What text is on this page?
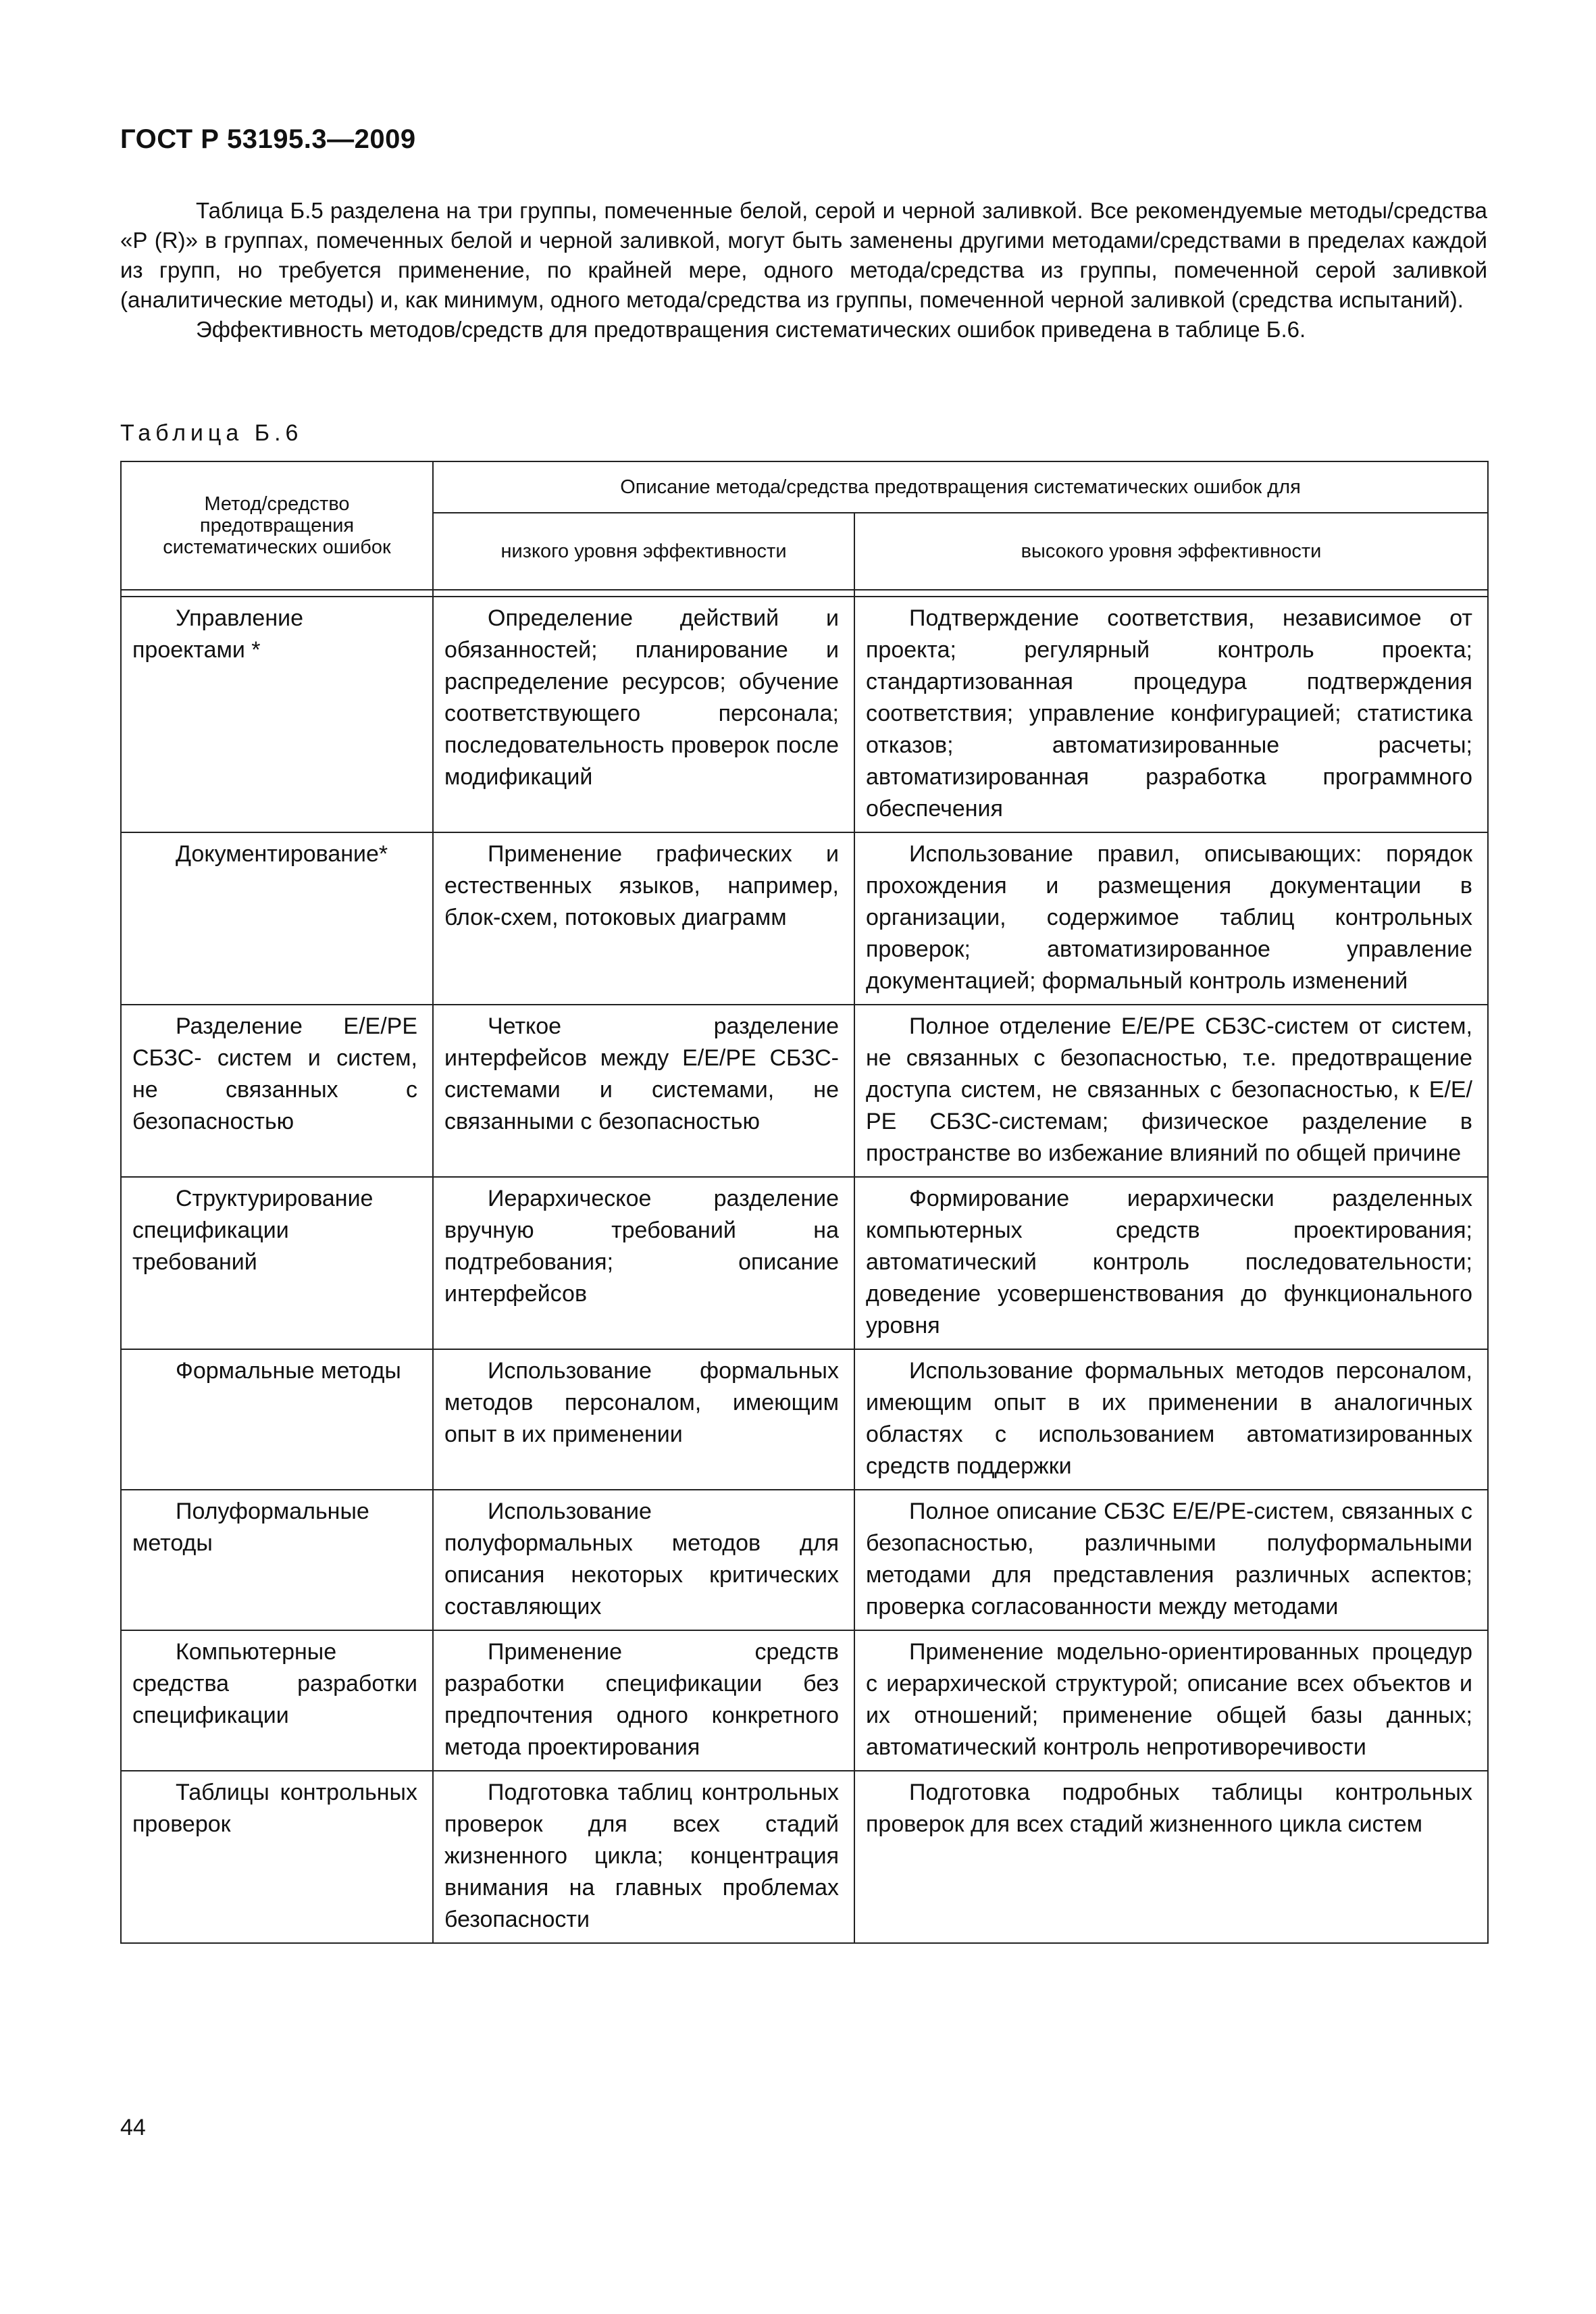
ГОСТ Р 53195.3—2009

Таблица Б.5 разделена на три группы, помеченные белой, серой и черной заливкой. Все рекомендуемые методы/средства «Р (R)» в группах, помеченных белой и черной заливкой, могут быть заменены другими методами/средствами в пределах каждой из групп, но требуется применение, по крайней мере, одного метода/средства из группы, помеченной серой заливкой (аналитические методы) и, как минимум, одного метода/средства из группы, помеченной черной заливкой (средства испытаний).

Эффективность методов/средств для предотвращения систематических ошибок приведена в таблице Б.6.

Таблица Б.6
Метод/средство предотвращения систематических ошибок	Описание метода/средства предотвращения систематических ошибок для	
	низкого уровня эффективности	высокого уровня эффективности

Управление проектами *	Определение действий и обязанностей; планирование и распределение ресурсов; обучение соответствующего персонала; последовательность проверок после модификаций	Подтверждение соответствия, независимое от проекта; регулярный контроль проекта; стандартизованная процедура подтверждения соответствия; управление конфигурацией; статистика отказов; автоматизированные расчеты; автоматизированная разработка программного обеспечения

Документирование*	Применение графических и естественных языков, например, блок-схем, потоковых диаграмм	Использование правил, описывающих: порядок прохождения и размещения документации в организации, содержимое таблиц контрольных проверок; автоматизированное управление документацией; формальный контроль изменений

Разделение Е/Е/РЕ СБЗС- систем и систем, не связанных с безопасностью	Четкое разделение интерфейсов между Е/Е/РЕ СБЗС-системами и системами, не связанными с безопасностью	Полное отделение Е/Е/РЕ СБЗС-систем от систем, не связанных с безопасностью, т.е. предотвращение доступа систем, не связанных с безопасностью, к Е/Е/РЕ СБЗС-системам; физическое разделение в пространстве во избежание влияний по общей причине

Структурирование спецификации требований	Иерархическое разделение вручную требований на подтребования; описание интерфейсов	Формирование иерархически разделенных компьютерных средств проектирования; автоматический контроль последовательности; доведение усовершенствования до функционального уровня

Формальные методы	Использование формальных методов персоналом, имеющим опыт в их применении	Использование формальных методов персоналом, имеющим опыт в их применении в аналогичных областях с использованием автоматизированных средств поддержки

Полуформальные методы	Использование полуформальных методов для описания некоторых критических составляющих	Полное описание СБЗС Е/Е/РЕ-систем, связанных с безопасностью, различными полуформальными методами для представления различных аспектов; проверка согласованности между методами

Компьютерные средства разработки спецификации	Применение средств разработки спецификации без предпочтения одного конкретного метода проектирования	Применение модельно-ориентированных процедур с иерархической структурой; описание всех объектов и их отношений; применение общей базы данных; автоматический контроль непротиворечивости

Таблицы контрольных проверок	Подготовка таблиц контрольных проверок для всех стадий жизненного цикла; концентрация внимания на главных проблемах безопасности	Подготовка подробных таблицы контрольных проверок для всех стадий жизненного цикла систем
44
